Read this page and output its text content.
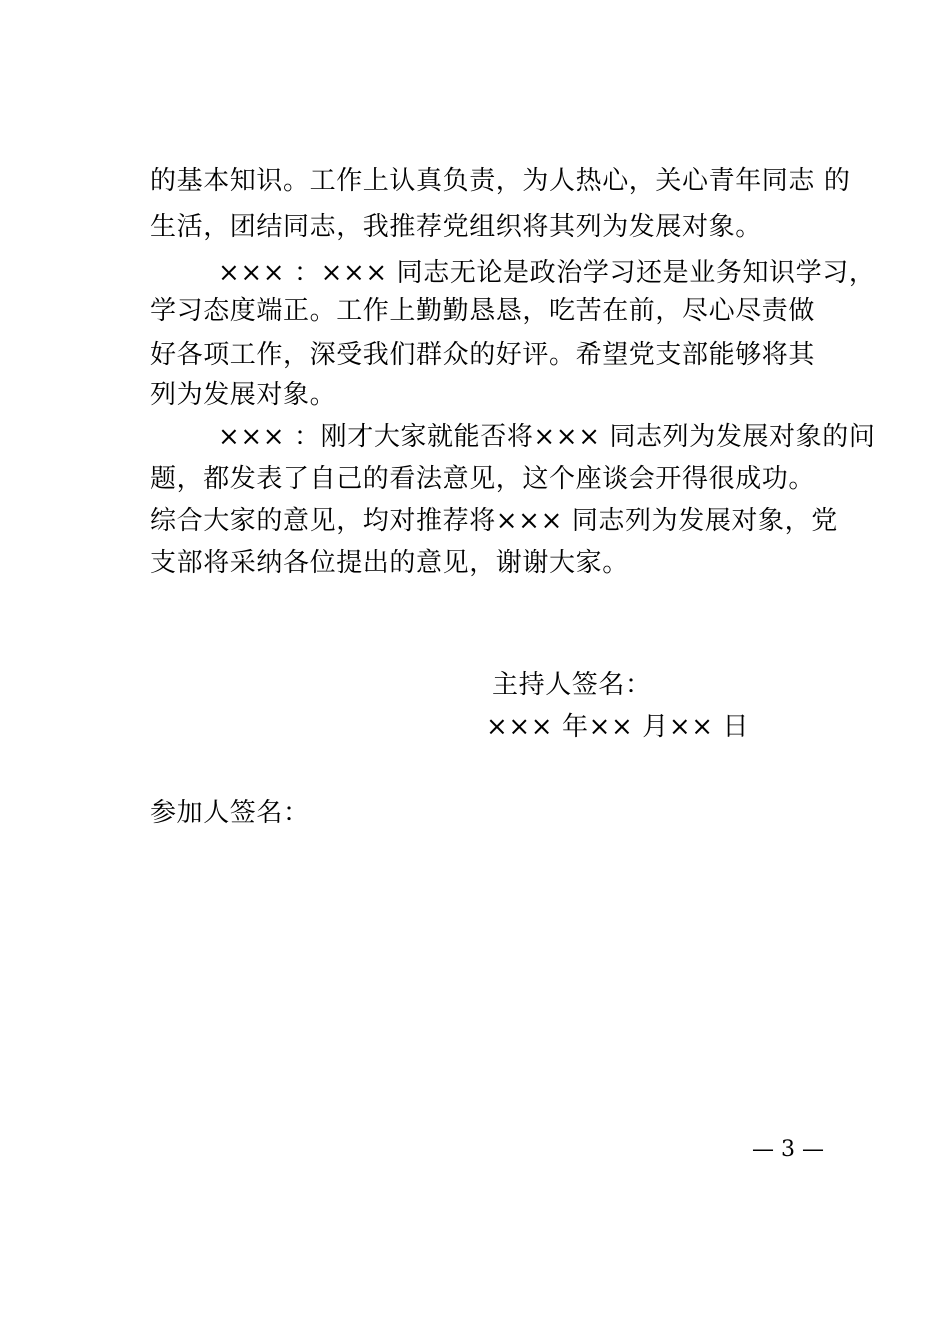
的基本知识。工作上认真负责，为人热心，关心青年同志 的
生活，团结同志，我推荐党组织将其列为发展对象。
××× ：××× 同志无论是政治学习还是业务知识学习，
学习态度端正。工作上勤勤恳恳，吃苦在前，尽心尽责做
好各项工作，深受我们群众的好评。希望党支部能够将其
列为发展对象。
××× ：刚才大家就能否将××× 同志列为发展对象的问
题，都发表了自己的看法意见，这个座谈会开得很成功。
综合大家的意见，均对推荐将××× 同志列为发展对象，党
支部将采纳各位提出的意见，谢谢大家。
主持人签名：
××× 年×× 月×× 日
参加人签名：
— 3 —
